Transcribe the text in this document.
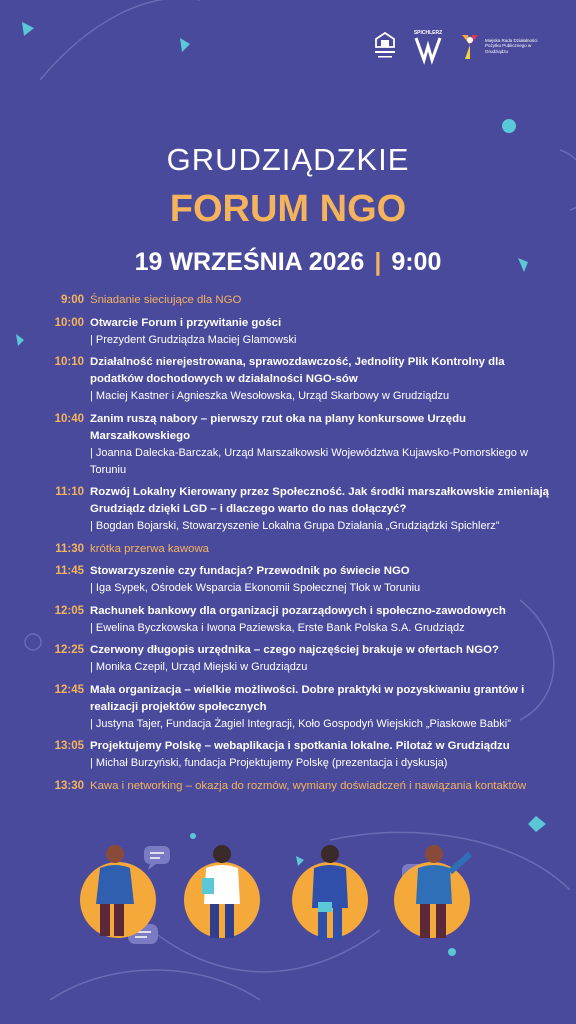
SPICHLERZ
Miejska Rada Działalności Pożytku Publicznego w Grudziądzu
GRUDZIĄDZKIE
FORUM NGO
19 WRZEŚNIA 2026 | 9:00
9:00 Śniadanie sieciujące dla NGO
10:00 Otwarcie Forum i przywitanie gości
| Prezydent Grudziądza Maciej Glamowski
10:10 Działalność nierejestrowana, sprawozdawczość, Jednolity Plik Kontrolny dla podatków dochodowych w działalności NGO-sów
| Maciej Kastner i Agnieszka Wesołowska, Urząd Skarbowy w Grudziądzu
10:40 Zanim ruszą nabory – pierwszy rzut oka na plany konkursowe Urzędu Marszałkowskiego
| Joanna Dalecka-Barczak, Urząd Marszałkowski Województwa Kujawsko-Pomorskiego w Toruniu
11:10 Rozwój Lokalny Kierowany przez Społeczność. Jak środki marszałkowskie zmieniają Grudziądz dzięki LGD – i dlaczego warto do nas dołączyć?
| Bogdan Bojarski, Stowarzyszenie Lokalna Grupa Działania „Grudziądzki Spichlerz”
11:30 krótka przerwa kawowa
11:45 Stowarzyszenie czy fundacja? Przewodnik po świecie NGO
| Iga Sypek, Ośrodek Wsparcia Ekonomii Społecznej Tłok w Toruniu
12:05 Rachunek bankowy dla organizacji pozarządowych i społeczno-zawodowych
| Ewelina Byczkowska i Iwona Paziewska, Erste Bank Polska S.A. Grudziądz
12:25 Czerwony długopis urzędnika – czego najczęściej brakuje w ofertach NGO?
| Monika Czepil, Urząd Miejski w Grudziądzu
12:45 Mała organizacja – wielkie możliwości. Dobre praktyki w pozyskiwaniu grantów i realizacji projektów społecznych
| Justyna Tajer, Fundacja Żagiel Integracji, Koło Gospodyń Wiejskich „Piaskowe Babki”
13:05 Projektujemy Polskę – webaplikacja i spotkania lokalne. Pilotaż w Grudziądzu
| Michał Burzyński, fundacja Projektujemy Polskę (prezentacja i dyskusja)
13:30 Kawa i networking – okazja do rozmów, wymiany doświadczeń i nawiązania kontaktów
